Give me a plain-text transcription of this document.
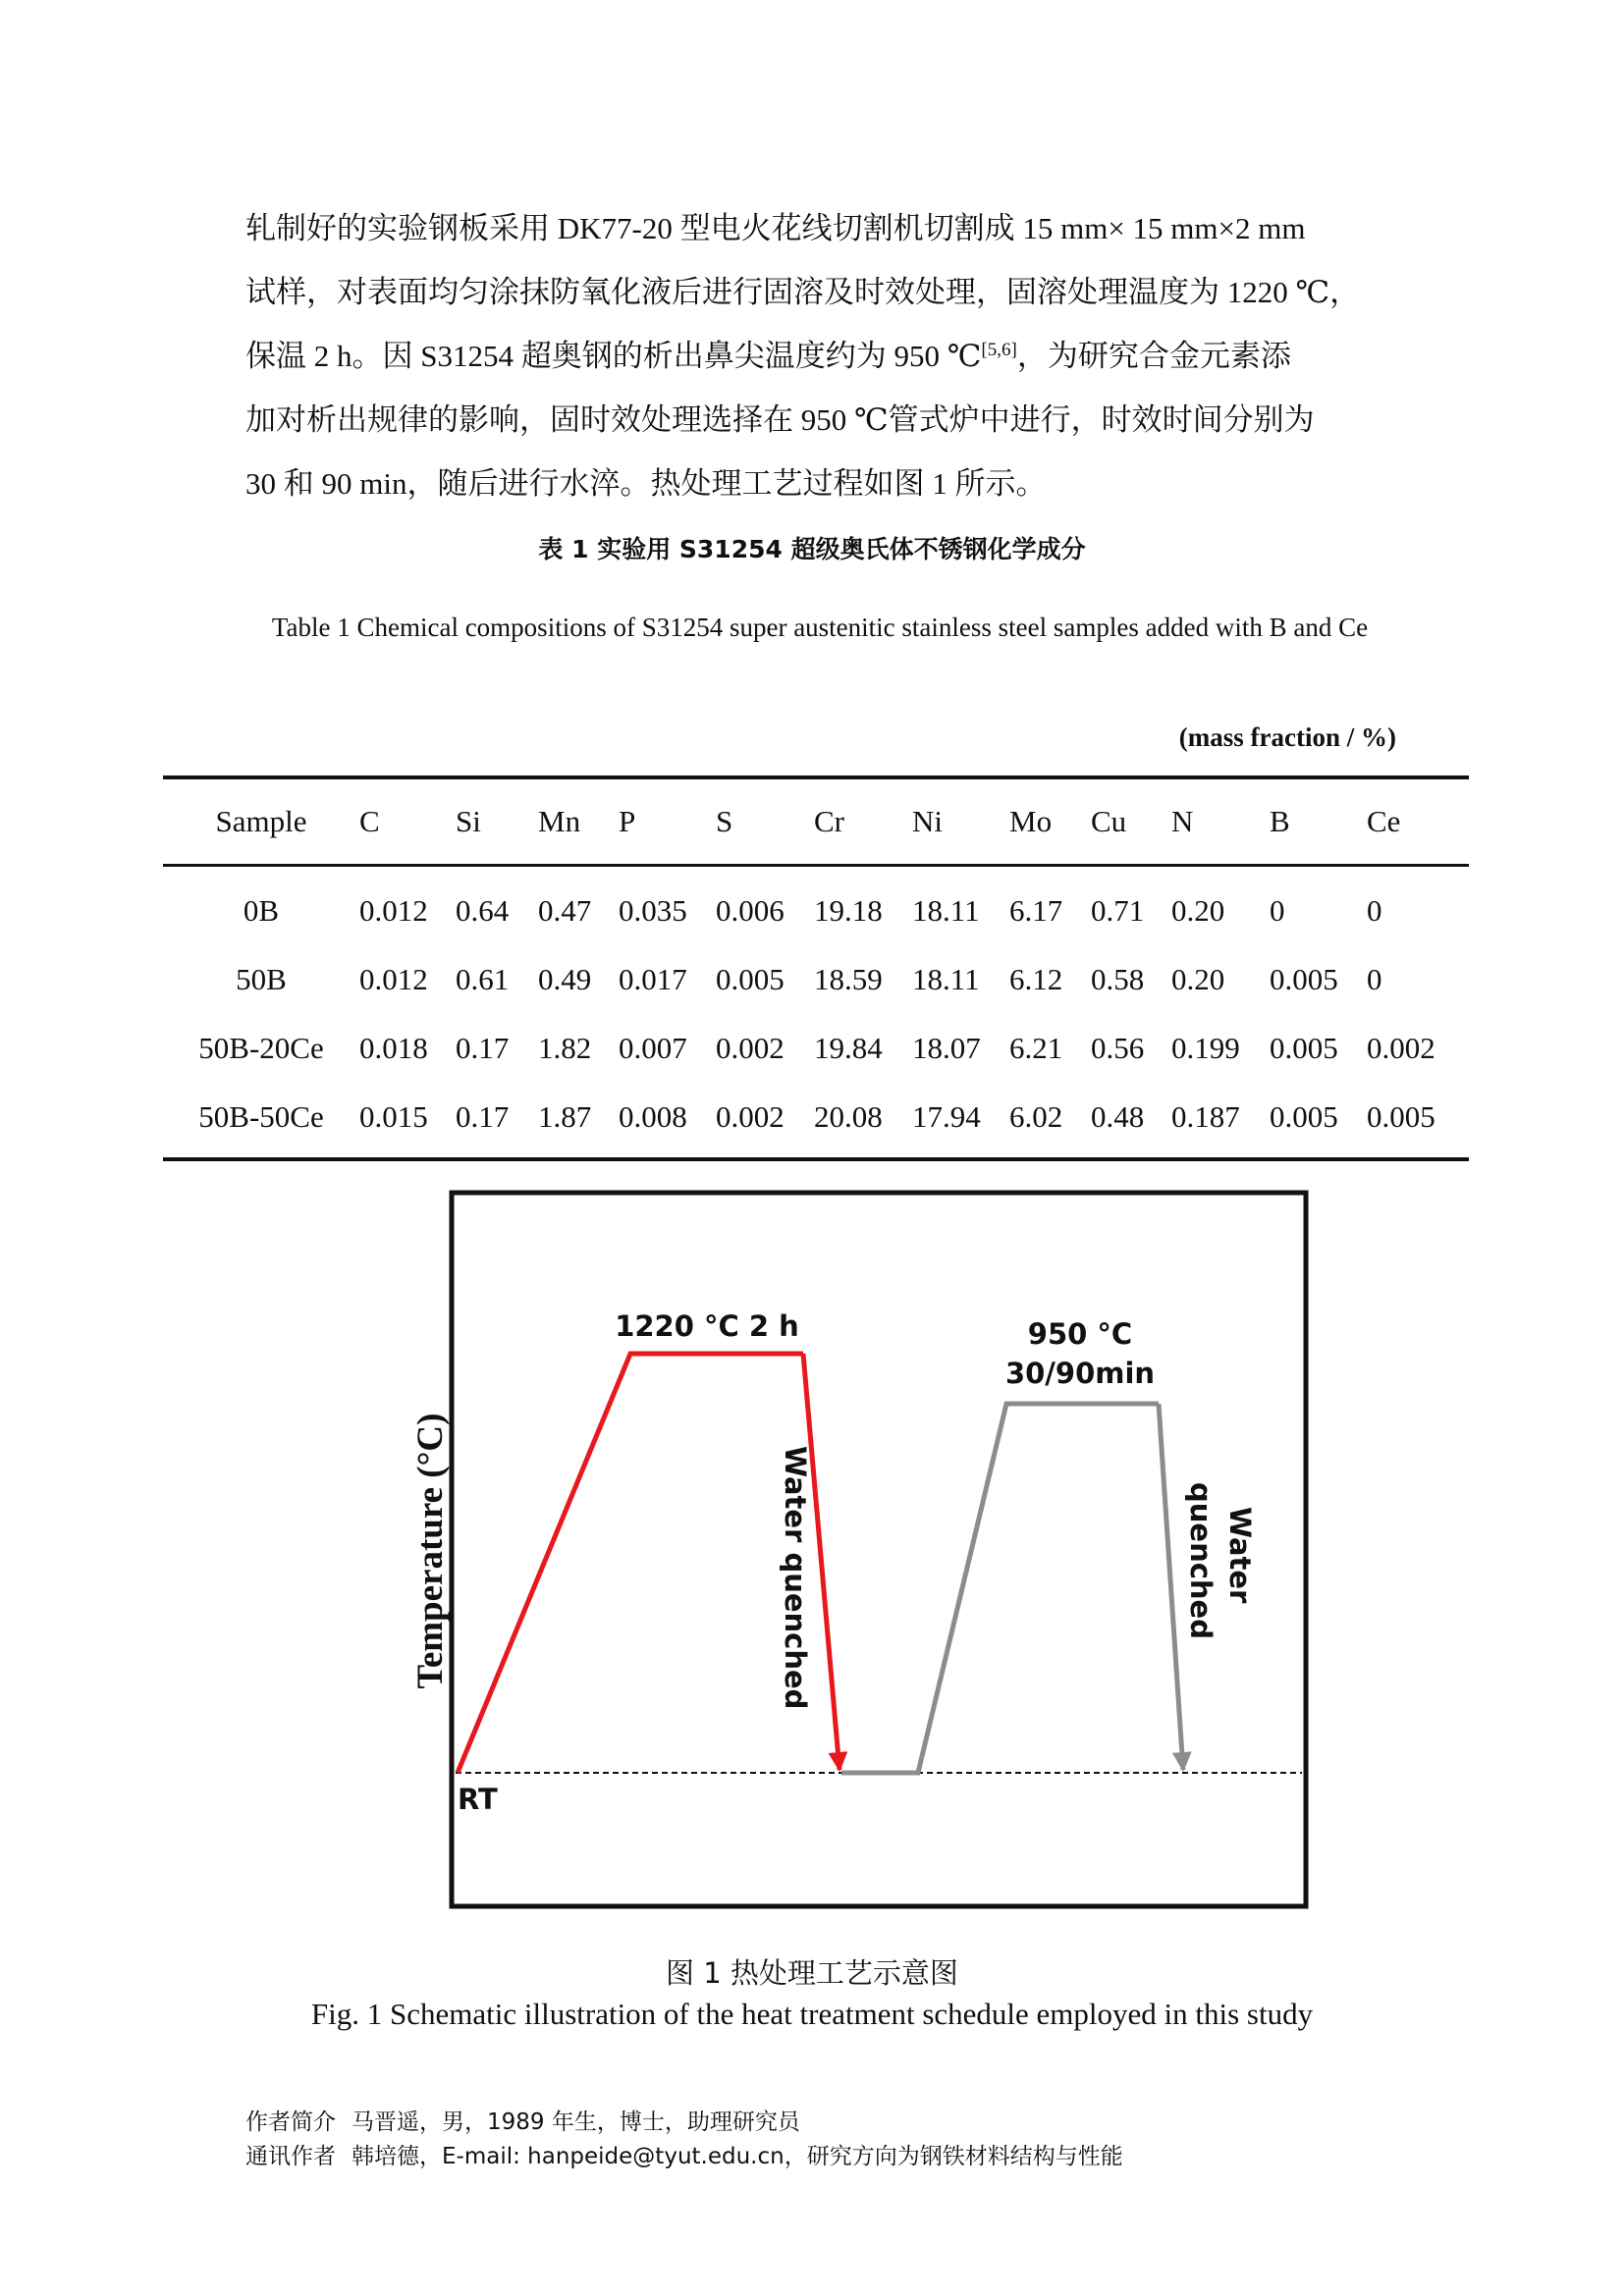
轧制好的实验钢板采用 DK77-20 型电火花线切割机切割成 15 mm× 15 mm×2 mm
试样，对表面均匀涂抹防氧化液后进行固溶及时效处理，固溶处理温度为 1220 ℃，
保温 2 h。因 S31254 超奥钢的析出鼻尖温度约为 950 ℃[5,6]，为研究合金元素添
加对析出规律的影响，固时效处理选择在 950 ℃管式炉中进行，时效时间分别为
30 和 90 min，随后进行水淬。热处理工艺过程如图 1 所示。
表 1 实验用 S31254 超级奥氏体不锈钢化学成分
Table 1 Chemical compositions of S31254 super austenitic stainless steel samples added with B and Ce
(mass fraction / %)
Sample	C	Si	Mn	P	S	Cr	Ni	Mo	Cu	N	B	Ce
0B	0.012	0.64	0.47	0.035	0.006	19.18	18.11	6.17	0.71	0.20	0	0
50B	0.012	0.61	0.49	0.017	0.005	18.59	18.11	6.12	0.58	0.20	0.005	0
50B-20Ce	0.018	0.17	1.82	0.007	0.002	19.84	18.07	6.21	0.56	0.199	0.005	0.002
50B-50Ce	0.015	0.17	1.87	0.008	0.002	20.08	17.94	6.02	0.48	0.187	0.005	0.005
Temperature (°C)
RT
1220 °C 2 h	950 °C
30/90min
Water quenched	Water
quenched
图 1 热处理工艺示意图
Fig. 1 Schematic illustration of the heat treatment schedule employed in this study
作者简介 马晋遥，男，1989 年生，博士，助理研究员
通讯作者 韩培德，E-mail: hanpeide@tyut.edu.cn，研究方向为钢铁材料结构与性能
